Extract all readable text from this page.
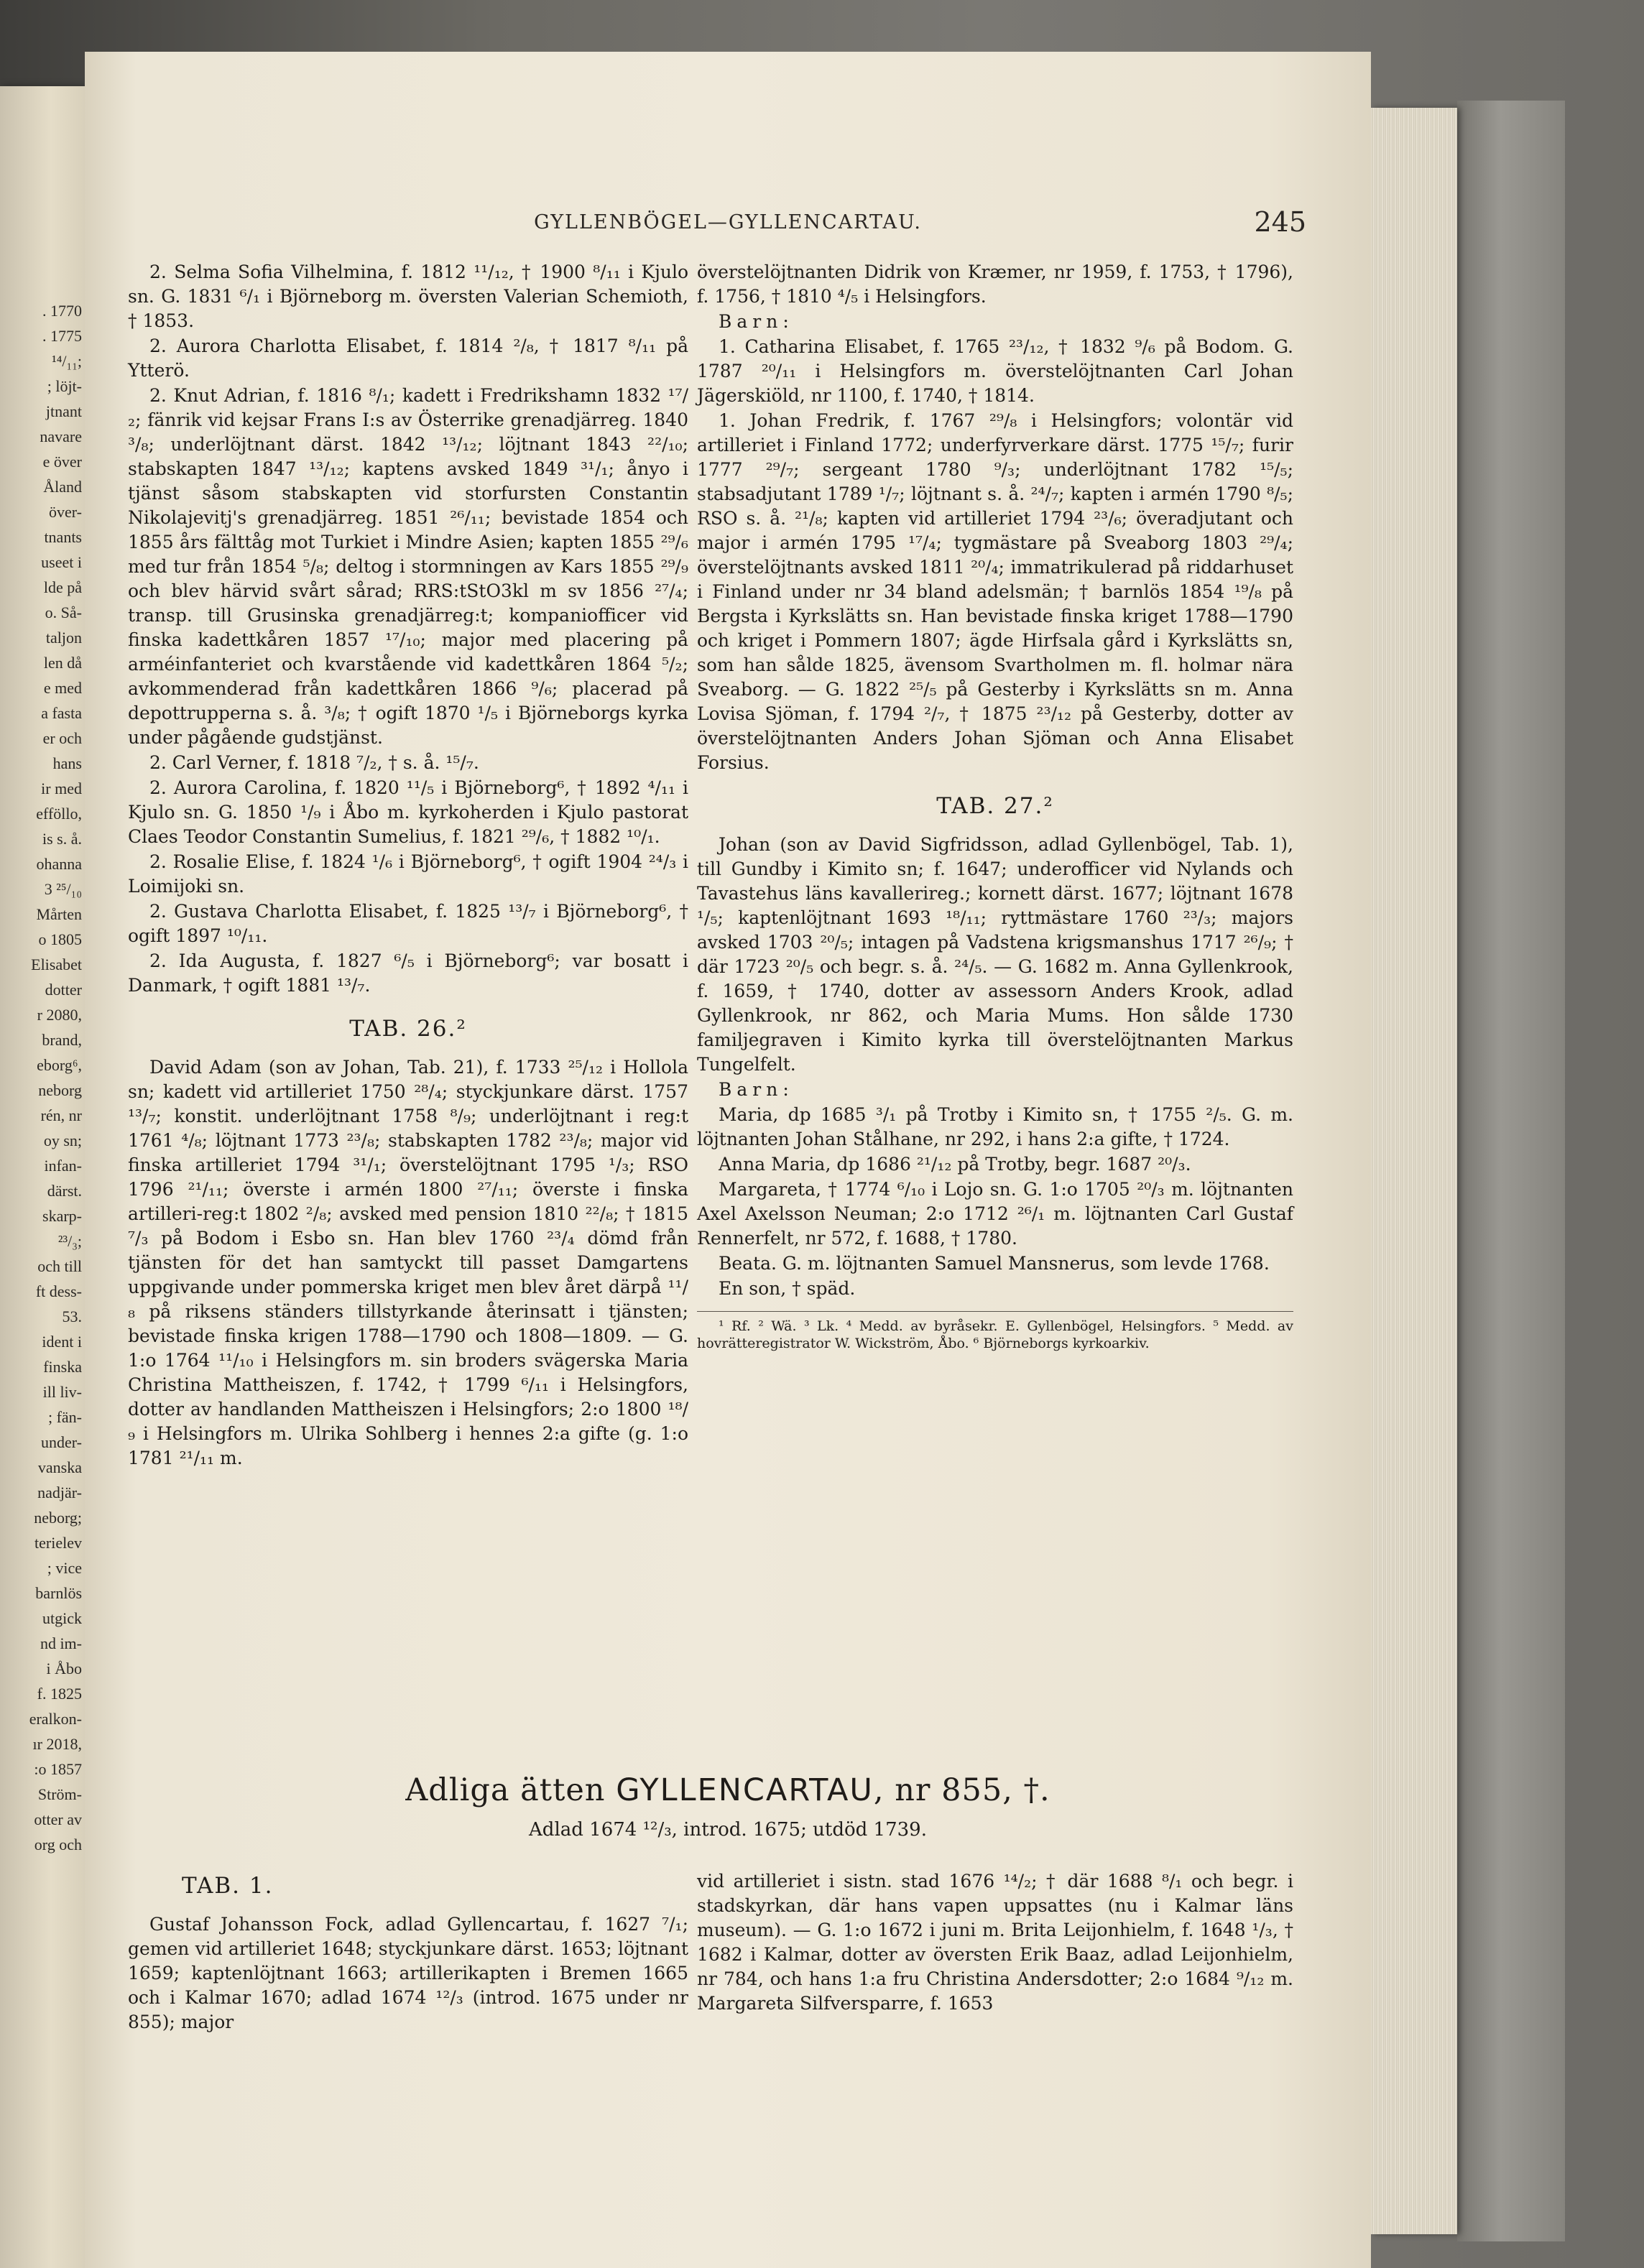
. 1770
. 1775
¹⁴/₁₁;
; löjt-
jtnant
navare
e över
Åland
över-
tnants
useet i
lde på
o. Så-
taljon
len då
e med
a fasta
er och
hans
ir med
efföllo,
is s. å.
ohanna
3 ²⁵/₁₀
Mårten
o 1805
Elisabet
dotter
r 2080,
brand,
eborg⁶,
neborg
rén, nr
oy sn;
infan-
därst.
skarp-
²³/₃;
och till
ft dess-
53.
ident i
finska
ill liv-
; fän-
under-
vanska
nadjär-
neborg;
terielev
; vice
barnlös
utgick
nd im-
i Åbo
f. 1825
eralkon-
ır 2018,
:o 1857
Ström-
otter av
org och
GYLLENBÖGEL—GYLLENCARTAU.	245

2. Selma Sofia Vilhelmina, f. 1812 ¹¹/₁₂, † 1900 ⁸/₁₁ i Kjulo sn. G. 1831 ⁶/₁ i Björneborg m. översten Valerian Schemioth, † 1853.

2. Aurora Charlotta Elisabet, f. 1814 ²/₈, † 1817 ⁸/₁₁ på Ytterö.

2. Knut Adrian, f. 1816 ⁸/₁; kadett i Fredrikshamn 1832 ¹⁷/₂; fänrik vid kejsar Frans I:s av Österrike grenadjärreg. 1840 ³/₈; underlöjtnant därst. 1842 ¹³/₁₂; löjtnant 1843 ²²/₁₀; stabskapten 1847 ¹³/₁₂; kaptens avsked 1849 ³¹/₁; ånyo i tjänst såsom stabskapten vid storfursten Constantin Nikolajevitj's grenadjärreg. 1851 ²⁶/₁₁; bevistade 1854 och 1855 års fälttåg mot Turkiet i Mindre Asien; kapten 1855 ²⁹/₆ med tur från 1854 ⁵/₈; deltog i stormningen av Kars 1855 ²⁹/₉ och blev härvid svårt sårad; RRS:tStO3kl m sv 1856 ²⁷/₄; transp. till Grusinska grenadjärreg:t; kompaniofficer vid finska kadettkåren 1857 ¹⁷/₁₀; major med placering på arméinfanteriet och kvarstående vid kadettkåren 1864 ⁵/₂; avkommenderad från kadettkåren 1866 ⁹/₆; placerad på depottrupperna s. å. ³/₈; † ogift 1870 ¹/₅ i Björneborgs kyrka under pågående gudstjänst.

2. Carl Verner, f. 1818 ⁷/₂, † s. å. ¹⁵/₇.

2. Aurora Carolina, f. 1820 ¹¹/₅ i Björneborg⁶, † 1892 ⁴/₁₁ i Kjulo sn. G. 1850 ¹/₉ i Åbo m. kyrkoherden i Kjulo pastorat Claes Teodor Constantin Sumelius, f. 1821 ²⁹/₆, † 1882 ¹⁰/₁.

2. Rosalie Elise, f. 1824 ¹/₆ i Björneborg⁶, † ogift 1904 ²⁴/₃ i Loimijoki sn.

2. Gustava Charlotta Elisabet, f. 1825 ¹³/₇ i Björneborg⁶, † ogift 1897 ¹⁰/₁₁.

2. Ida Augusta, f. 1827 ⁶/₅ i Björneborg⁶; var bosatt i Danmark, † ogift 1881 ¹³/₇.

TAB. 26.²

David Adam (son av Johan, Tab. 21), f. 1733 ²⁵/₁₂ i Hollola sn; kadett vid artilleriet 1750 ²⁸/₄; styckjunkare därst. 1757 ¹³/₇; konstit. underlöjtnant 1758 ⁸/₉; underlöjtnant i reg:t 1761 ⁴/₈; löjtnant 1773 ²³/₈; stabskapten 1782 ²³/₈; major vid finska artilleriet 1794 ³¹/₁; överstelöjtnant 1795 ¹/₃; RSO 1796 ²¹/₁₁; överste i armén 1800 ²⁷/₁₁; överste i finska artilleri-reg:t 1802 ²/₈; avsked med pension 1810 ²²/₈; † 1815 ⁷/₃ på Bodom i Esbo sn. Han blev 1760 ²³/₄ dömd från tjänsten för det han samtyckt till passet Damgartens uppgivande under pommerska kriget men blev året därpå ¹¹/₈ på riksens ständers tillstyrkande återinsatt i tjänsten; bevistade finska krigen 1788—1790 och 1808—1809. — G. 1:o 1764 ¹¹/₁₀ i Helsingfors m. sin broders svägerska Maria Christina Mattheiszen, f. 1742, † 1799 ⁶/₁₁ i Helsingfors, dotter av handlanden Mattheiszen i Helsingfors; 2:o 1800 ¹⁸/₉ i Helsingfors m. Ulrika Sohlberg i hennes 2:a gifte (g. 1:o 1781 ²¹/₁₁ m.

överstelöjtnanten Didrik von Kræmer, nr 1959, f. 1753, † 1796), f. 1756, † 1810 ⁴/₅ i Helsingfors.

Barn:

1. Catharina Elisabet, f. 1765 ²³/₁₂, † 1832 ⁹/₆ på Bodom. G. 1787 ²⁰/₁₁ i Helsingfors m. överstelöjtnanten Carl Johan Jägerskiöld, nr 1100, f. 1740, † 1814.

1. Johan Fredrik, f. 1767 ²⁹/₈ i Helsingfors; volontär vid artilleriet i Finland 1772; underfyrverkare därst. 1775 ¹⁵/₇; furir 1777 ²⁹/₇; sergeant 1780 ⁹/₃; underlöjtnant 1782 ¹⁵/₅; stabsadjutant 1789 ¹/₇; löjtnant s. å. ²⁴/₇; kapten i armén 1790 ⁸/₅; RSO s. å. ²¹/₈; kapten vid artilleriet 1794 ²³/₆; överadjutant och major i armén 1795 ¹⁷/₄; tygmästare på Sveaborg 1803 ²⁹/₄; överstelöjtnants avsked 1811 ²⁰/₄; immatrikulerad på riddarhuset i Finland under nr 34 bland adelsmän; † barnlös 1854 ¹⁹/₈ på Bergsta i Kyrkslätts sn. Han bevistade finska kriget 1788—1790 och kriget i Pommern 1807; ägde Hirfsala gård i Kyrkslätts sn, som han sålde 1825, ävensom Svartholmen m. fl. holmar nära Sveaborg. — G. 1822 ²⁵/₅ på Gesterby i Kyrkslätts sn m. Anna Lovisa Sjöman, f. 1794 ²/₇, † 1875 ²³/₁₂ på Gesterby, dotter av överstelöjtnanten Anders Johan Sjöman och Anna Elisabet Forsius.

TAB. 27.²

Johan (son av David Sigfridsson, adlad Gyllenbögel, Tab. 1), till Gundby i Kimito sn; f. 1647; underofficer vid Nylands och Tavastehus läns kavallerireg.; kornett därst. 1677; löjtnant 1678 ¹/₅; kaptenlöjtnant 1693 ¹⁸/₁₁; ryttmästare 1760 ²³/₃; majors avsked 1703 ²⁰/₅; intagen på Vadstena krigsmanshus 1717 ²⁶/₉; † där 1723 ²⁰/₅ och begr. s. å. ²⁴/₅. — G. 1682 m. Anna Gyllenkrook, f. 1659, † 1740, dotter av assessorn Anders Krook, adlad Gyllenkrook, nr 862, och Maria Mums. Hon sålde 1730 familjegraven i Kimito kyrka till överstelöjtnanten Markus Tungelfelt.

Barn:

Maria, dp 1685 ³/₁ på Trotby i Kimito sn, † 1755 ²/₅. G. m. löjtnanten Johan Stålhane, nr 292, i hans 2:a gifte, † 1724.

Anna Maria, dp 1686 ²¹/₁₂ på Trotby, begr. 1687 ²⁰/₃.

Margareta, † 1774 ⁶/₁₀ i Lojo sn. G. 1:o 1705 ²⁰/₃ m. löjtnanten Axel Axelsson Neuman; 2:o 1712 ²⁶/₁ m. löjtnanten Carl Gustaf Rennerfelt, nr 572, f. 1688, † 1780.

Beata. G. m. löjtnanten Samuel Mansnerus, som levde 1768.

En son, † späd.

¹ Rf. ² Wä. ³ Lk. ⁴ Medd. av byråsekr. E. Gyllenbögel, Helsingfors. ⁵ Medd. av hovrätteregistrator W. Wickström, Åbo. ⁶ Björneborgs kyrkoarkiv.
Adliga ätten GYLLENCARTAU, nr 855, †.
Adlad 1674 ¹²/₃, introd. 1675; utdöd 1739.
TAB. 1.

Gustaf Johansson Fock, adlad Gyllencartau, f. 1627 ⁷/₁; gemen vid artilleriet 1648; styckjunkare därst. 1653; löjtnant 1659; kaptenlöjtnant 1663; artillerikapten i Bremen 1665 och i Kalmar 1670; adlad 1674 ¹²/₃ (introd. 1675 under nr 855); major

vid artilleriet i sistn. stad 1676 ¹⁴/₂; † där 1688 ⁸/₁ och begr. i stadskyrkan, där hans vapen uppsattes (nu i Kalmar läns museum). — G. 1:o 1672 i juni m. Brita Leijonhielm, f. 1648 ¹/₃, † 1682 i Kalmar, dotter av översten Erik Baaz, adlad Leijonhielm, nr 784, och hans 1:a fru Christina Andersdotter; 2:o 1684 ⁹/₁₂ m. Margareta Silfversparre, f. 1653
